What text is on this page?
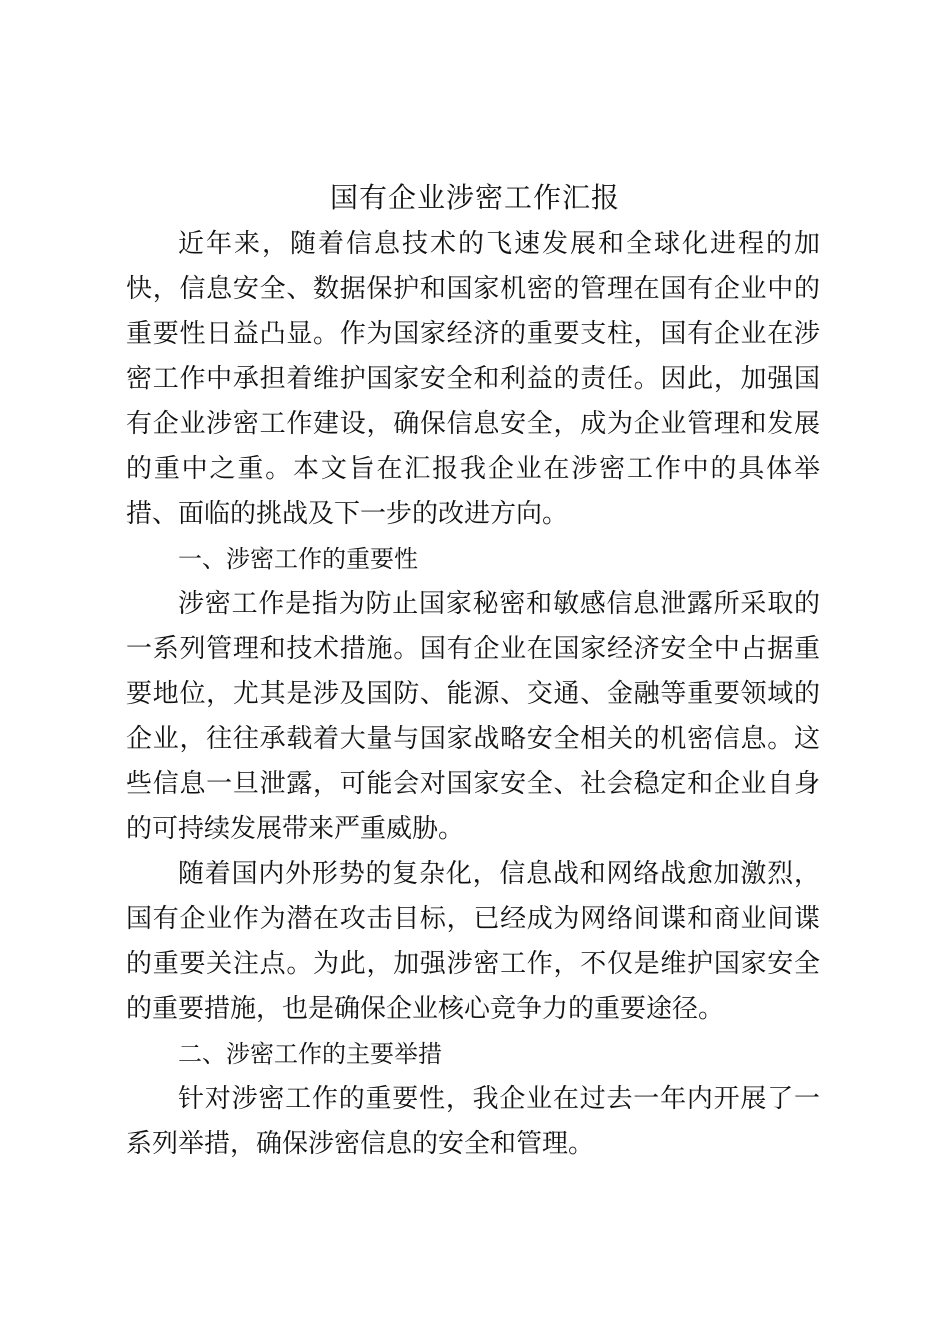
国有企业涉密工作汇报

近年来，随着信息技术的飞速发展和全球化进程的加快，信息安全、数据保护和国家机密的管理在国有企业中的重要性日益凸显。作为国家经济的重要支柱，国有企业在涉密工作中承担着维护国家安全和利益的责任。因此，加强国有企业涉密工作建设，确保信息安全，成为企业管理和发展的重中之重。本文旨在汇报我企业在涉密工作中的具体举措、面临的挑战及下一步的改进方向。

一、涉密工作的重要性

涉密工作是指为防止国家秘密和敏感信息泄露所采取的一系列管理和技术措施。国有企业在国家经济安全中占据重要地位，尤其是涉及国防、能源、交通、金融等重要领域的企业，往往承载着大量与国家战略安全相关的机密信息。这些信息一旦泄露，可能会对国家安全、社会稳定和企业自身的可持续发展带来严重威胁。

随着国内外形势的复杂化，信息战和网络战愈加激烈，国有企业作为潜在攻击目标，已经成为网络间谍和商业间谍的重要关注点。为此，加强涉密工作，不仅是维护国家安全的重要措施，也是确保企业核心竞争力的重要途径。

二、涉密工作的主要举措

针对涉密工作的重要性，我企业在过去一年内开展了一系列举措，确保涉密信息的安全和管理。
